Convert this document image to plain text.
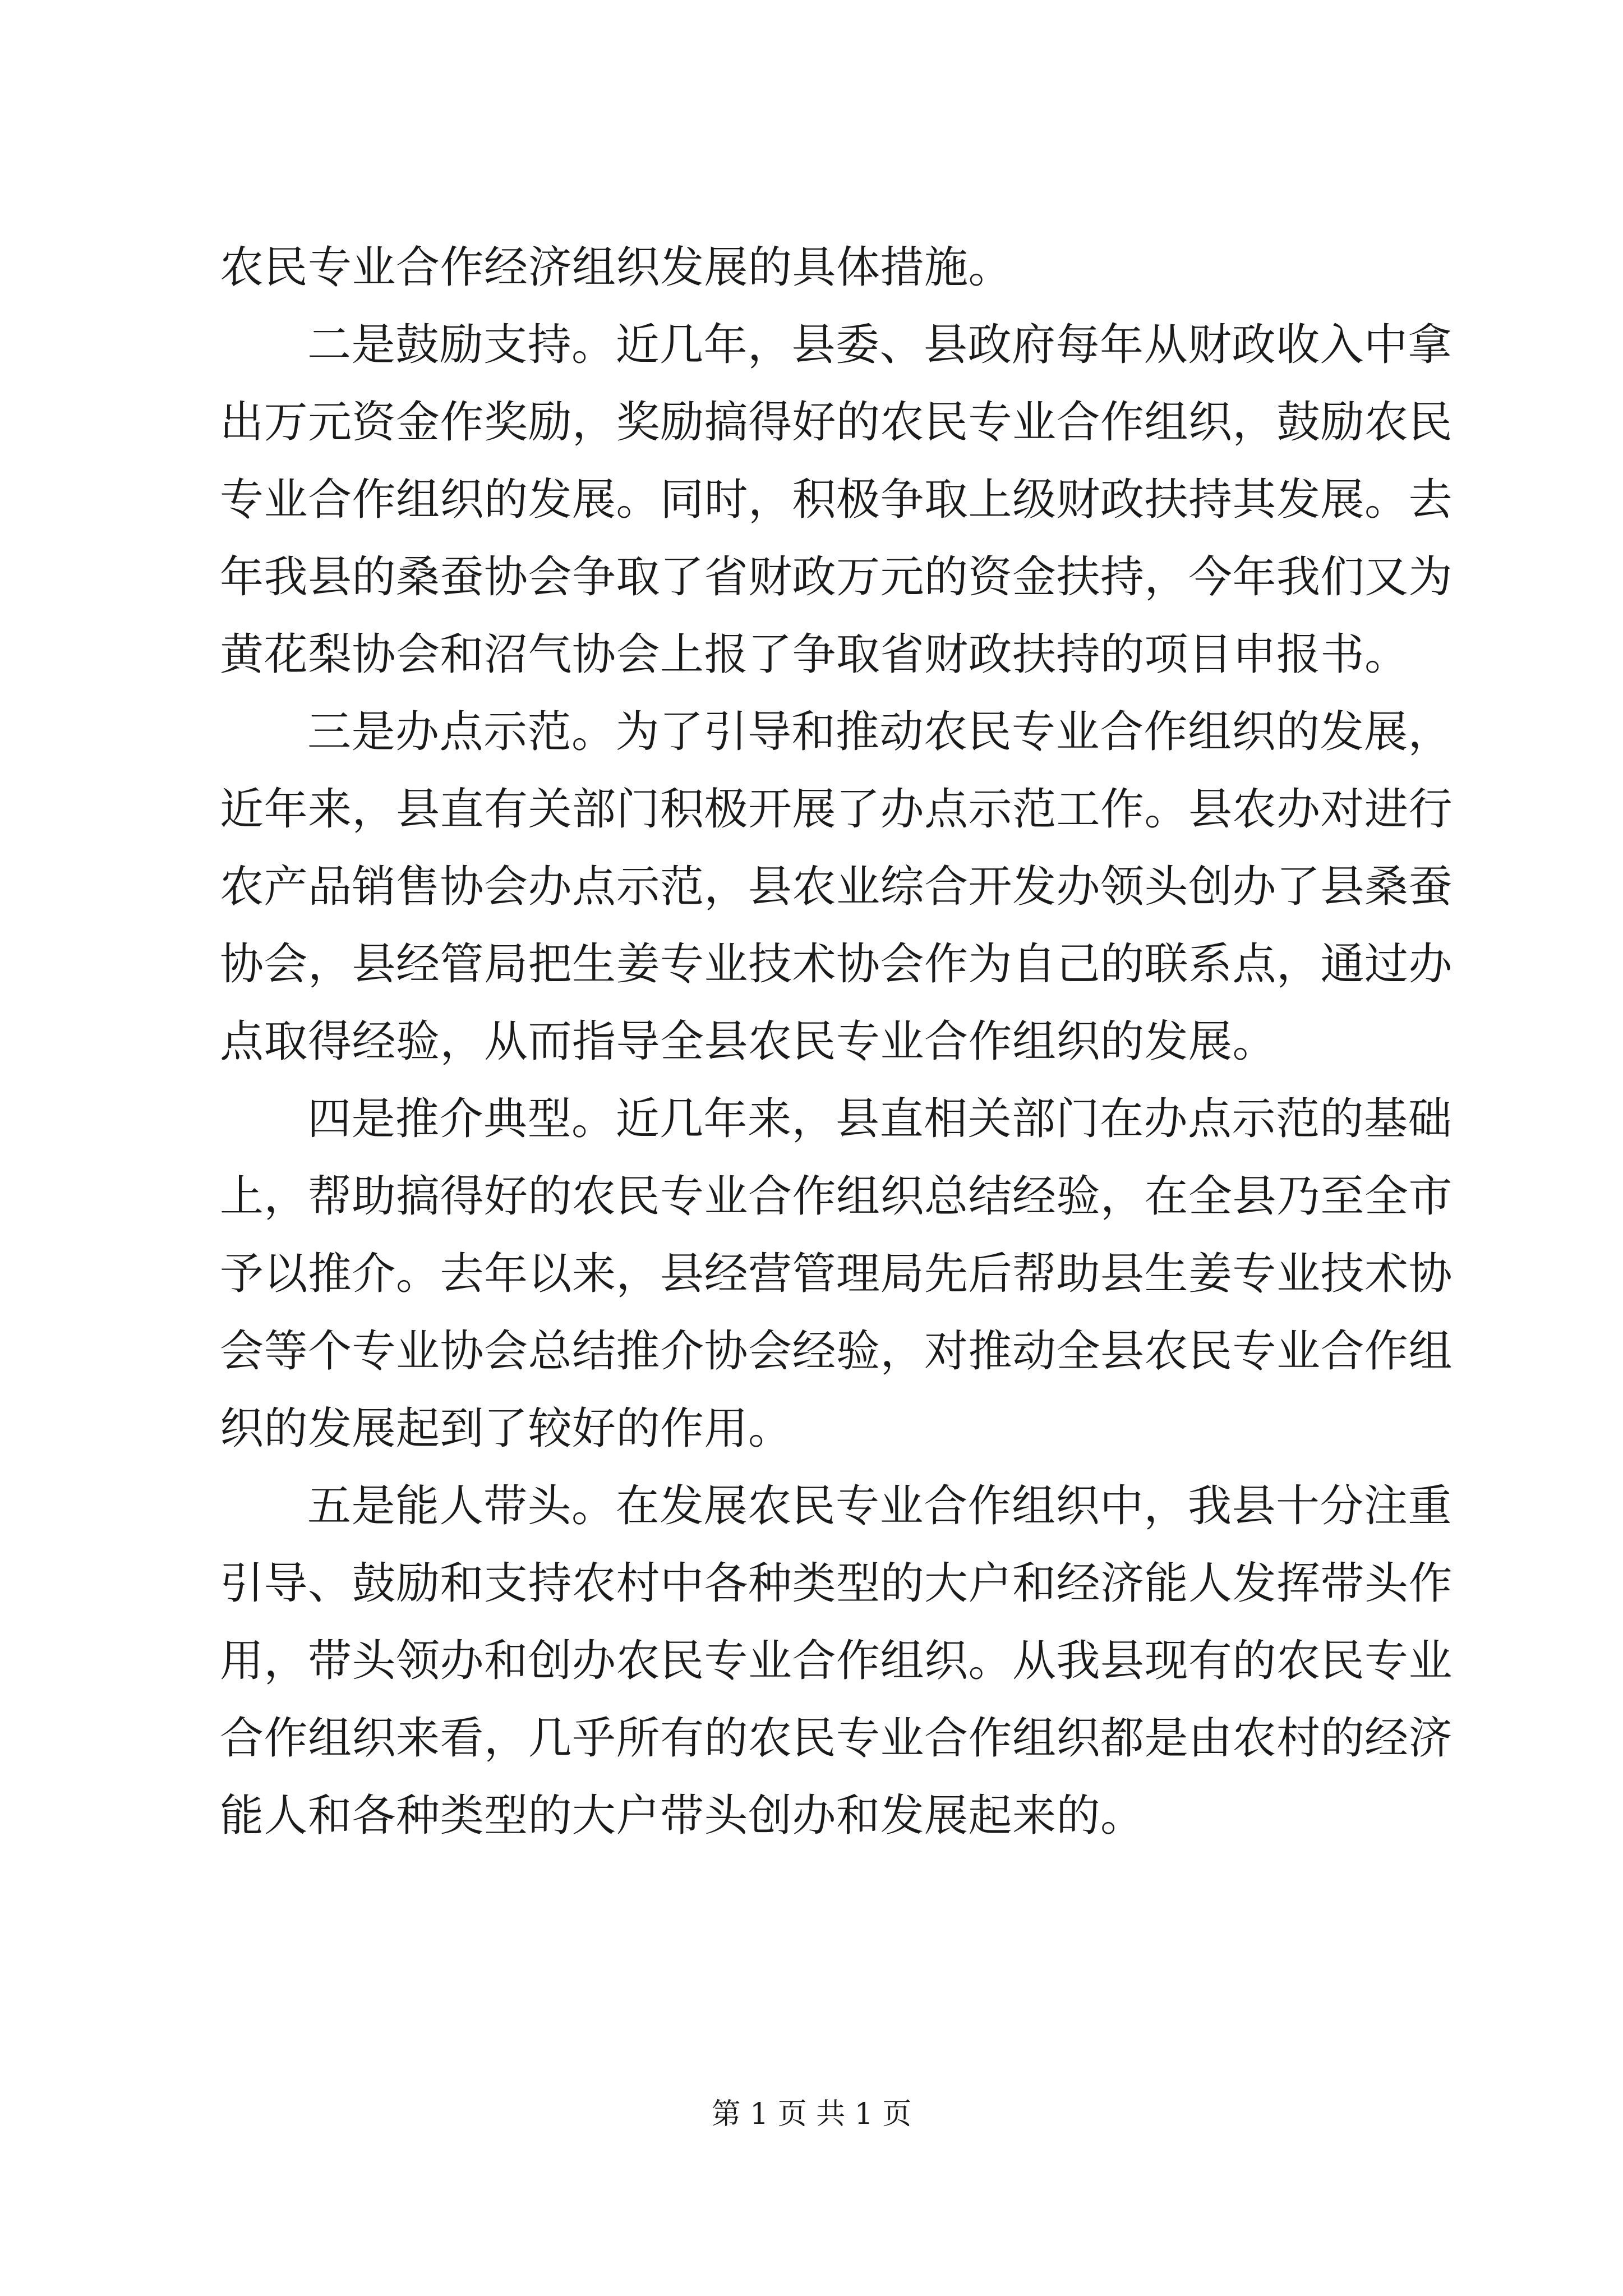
农民专业合作经济组织发展的具体措施。
二是鼓励支持。近几年，县委、县政府每年从财政收入中拿
出万元资金作奖励，奖励搞得好的农民专业合作组织，鼓励农民
专业合作组织的发展。同时，积极争取上级财政扶持其发展。去
年我县的桑蚕协会争取了省财政万元的资金扶持，今年我们又为
黄花梨协会和沼气协会上报了争取省财政扶持的项目申报书。
三是办点示范。为了引导和推动农民专业合作组织的发展，
近年来，县直有关部门积极开展了办点示范工作。县农办对进行
农产品销售协会办点示范，县农业综合开发办领头创办了县桑蚕
协会，县经管局把生姜专业技术协会作为自己的联系点，通过办
点取得经验，从而指导全县农民专业合作组织的发展。
四是推介典型。近几年来，县直相关部门在办点示范的基础
上，帮助搞得好的农民专业合作组织总结经验，在全县乃至全市
予以推介。去年以来，县经营管理局先后帮助县生姜专业技术协
会等个专业协会总结推介协会经验，对推动全县农民专业合作组
织的发展起到了较好的作用。
五是能人带头。在发展农民专业合作组织中，我县十分注重
引导、鼓励和支持农村中各种类型的大户和经济能人发挥带头作
用，带头领办和创办农民专业合作组织。从我县现有的农民专业
合作组织来看，几乎所有的农民专业合作组织都是由农村的经济
能人和各种类型的大户带头创办和发展起来的。
第 1 页 共 1 页
